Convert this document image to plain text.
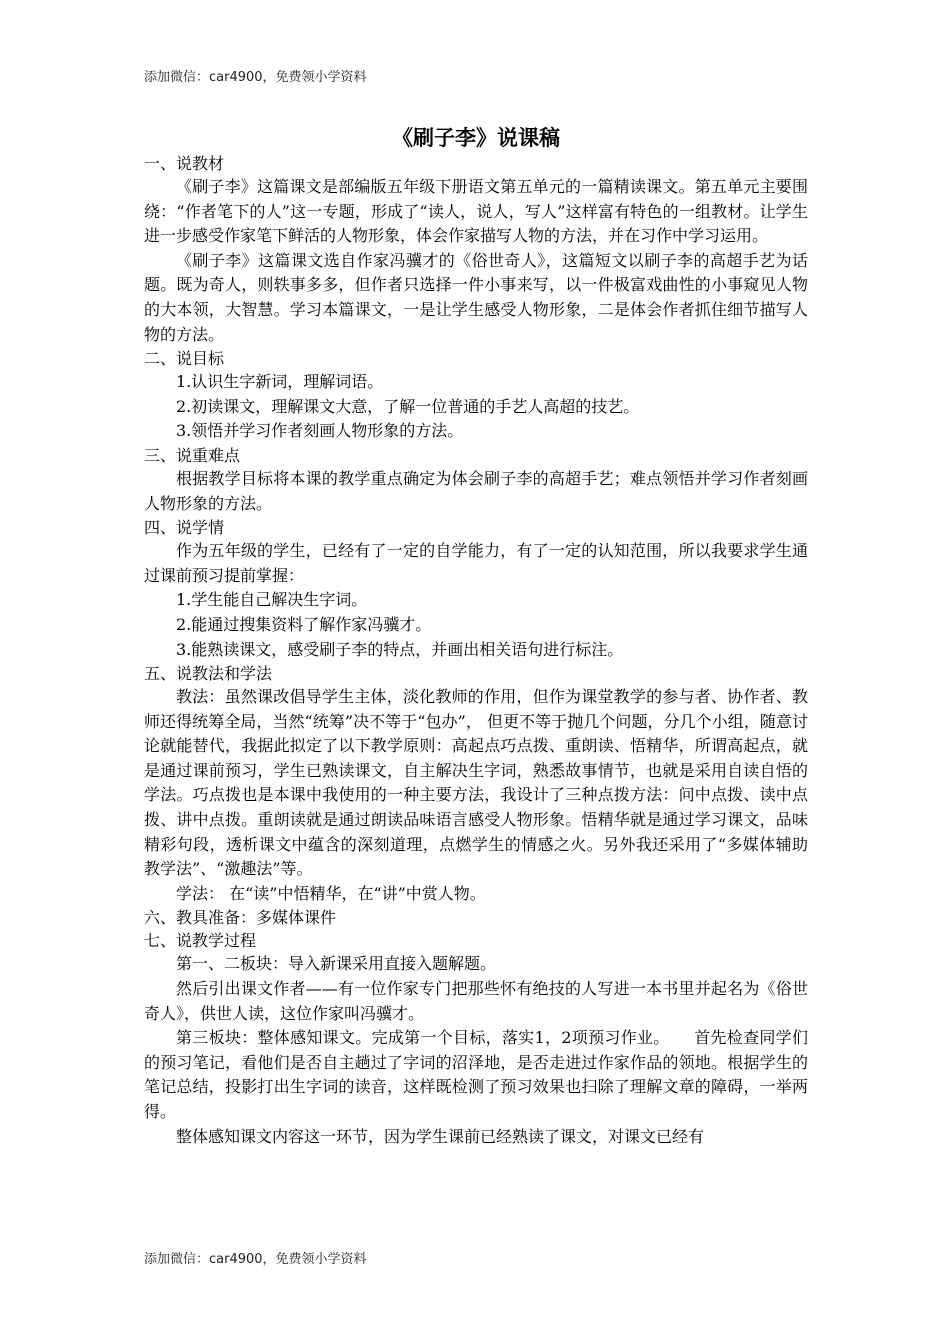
添加微信：car4900，免费领小学资料
《刷子李》说课稿
一、说教材
《刷子李》这篇课文是部编版五年级下册语文第五单元的一篇精读课文。第五单元主要围绕：“作者笔下的人”这一专题，形成了“读人，说人，写人”这样富有特色的一组教材。让学生进一步感受作家笔下鲜活的人物形象，体会作家描写人物的方法，并在习作中学习运用。
《刷子李》这篇课文选自作家冯骥才的《俗世奇人》，这篇短文以刷子李的高超手艺为话题。既为奇人，则轶事多多，但作者只选择一件小事来写，以一件极富戏曲性的小事窥见人物的大本领，大智慧。学习本篇课文，一是让学生感受人物形象，二是体会作者抓住细节描写人物的方法。
二、说目标
1.认识生字新词，理解词语。
2.初读课文，理解课文大意，了解一位普通的手艺人高超的技艺。
3.领悟并学习作者刻画人物形象的方法。
三、说重难点
根据教学目标将本课的教学重点确定为体会刷子李的高超手艺；难点领悟并学习作者刻画人物形象的方法。
四、说学情
作为五年级的学生，已经有了一定的自学能力，有了一定的认知范围，所以我要求学生通过课前预习提前掌握：
1.学生能自己解决生字词。
2.能通过搜集资料了解作家冯骥才。
3.能熟读课文，感受刷子李的特点，并画出相关语句进行标注。
五、说教法和学法
教法：虽然课改倡导学生主体，淡化教师的作用，但作为课堂教学的参与者、协作者、教师还得统筹全局，当然“统筹”决不等于“包办”， 但更不等于抛几个问题，分几个小组，随意讨论就能替代，我据此拟定了以下教学原则：高起点巧点拨、重朗读、悟精华，所谓高起点，就是通过课前预习，学生已熟读课文，自主解决生字词，熟悉故事情节，也就是采用自读自悟的学法。巧点拨也是本课中我使用的一种主要方法，我设计了三种点拨方法：问中点拨、读中点拨、讲中点拨。重朗读就是通过朗读品味语言感受人物形象。悟精华就是通过学习课文，品味精彩句段，透析课文中蕴含的深刻道理，点燃学生的情感之火。另外我还采用了“多媒体辅助教学法”、“激趣法”等。
学法： 在“读”中悟精华，在“讲”中赏人物。
六、教具准备：多媒体课件
七、说教学过程
第一、二板块：导入新课采用直接入题解题。
然后引出课文作者——有一位作家专门把那些怀有绝技的人写进一本书里并起名为《俗世奇人》，供世人读，这位作家叫冯骥才。
第三板块：整体感知课文。完成第一个目标，落实1，2项预习作业。　　首先检查同学们的预习笔记，看他们是否自主趟过了字词的沼泽地，是否走进过作家作品的领地。根据学生的笔记总结，投影打出生字词的读音，这样既检测了预习效果也扫除了理解文章的障碍，一举两得。
整体感知课文内容这一环节，因为学生课前已经熟读了课文，对课文已经有
添加微信：car4900，免费领小学资料
